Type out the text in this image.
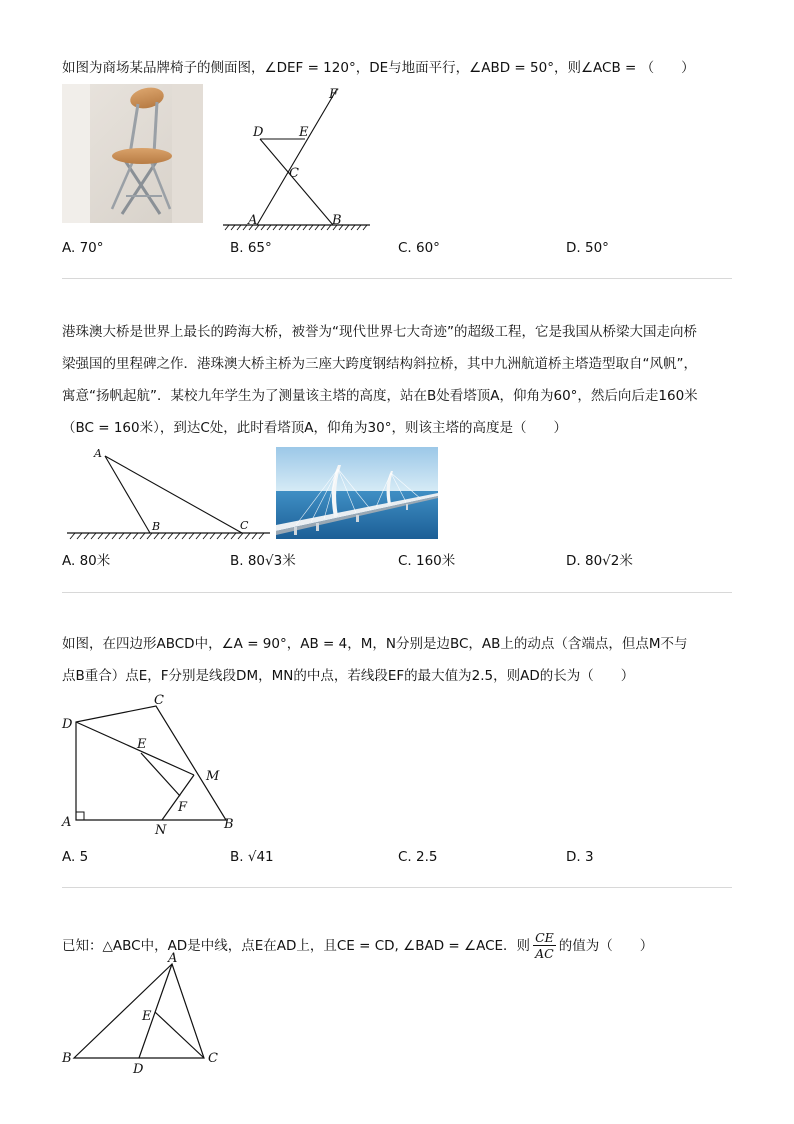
如图为商场某品牌椅子的侧面图，∠DEF = 120°，DE与地面平行，∠ABD = 50°，则∠ACB = （　　）
F
D	E
C
A	B
A. 70°	B. 65°	C. 60°	D. 50°
港珠澳大桥是世界上最长的跨海大桥，被誉为“现代世界七大奇迹”的超级工程，它是我国从桥梁大国走向桥
梁强国的里程碑之作．港珠澳大桥主桥为三座大跨度钢结构斜拉桥，其中九洲航道桥主塔造型取自“风帆”，
寓意“扬帆起航”．某校九年学生为了测量该主塔的高度，站在B处看塔顶A，仰角为60°，然后向后走160米
（BC = 160米），到达C处，此时看塔顶A，仰角为30°，则该主塔的高度是（　　）
A
B	C
A. 80米	B. 80√3米	C. 160米	D. 80√2米
如图，在四边形ABCD中，∠A = 90°，AB = 4，M，N分别是边BC，AB上的动点（含端点，但点M不与
点B重合）点E，F分别是线段DM，MN的中点，若线段EF的最大值为2.5，则AD的长为（　　）
D
C
E
M
F
A
N	B
A. 5	B. √41	C. 2.5	D. 3
已知：△ABC中，AD是中线，点E在AD上，且CE = CD, ∠BAD = ∠ACE．则 $\frac{CE}{AC}$ 的值为（　　）
A
E
B
D
C
